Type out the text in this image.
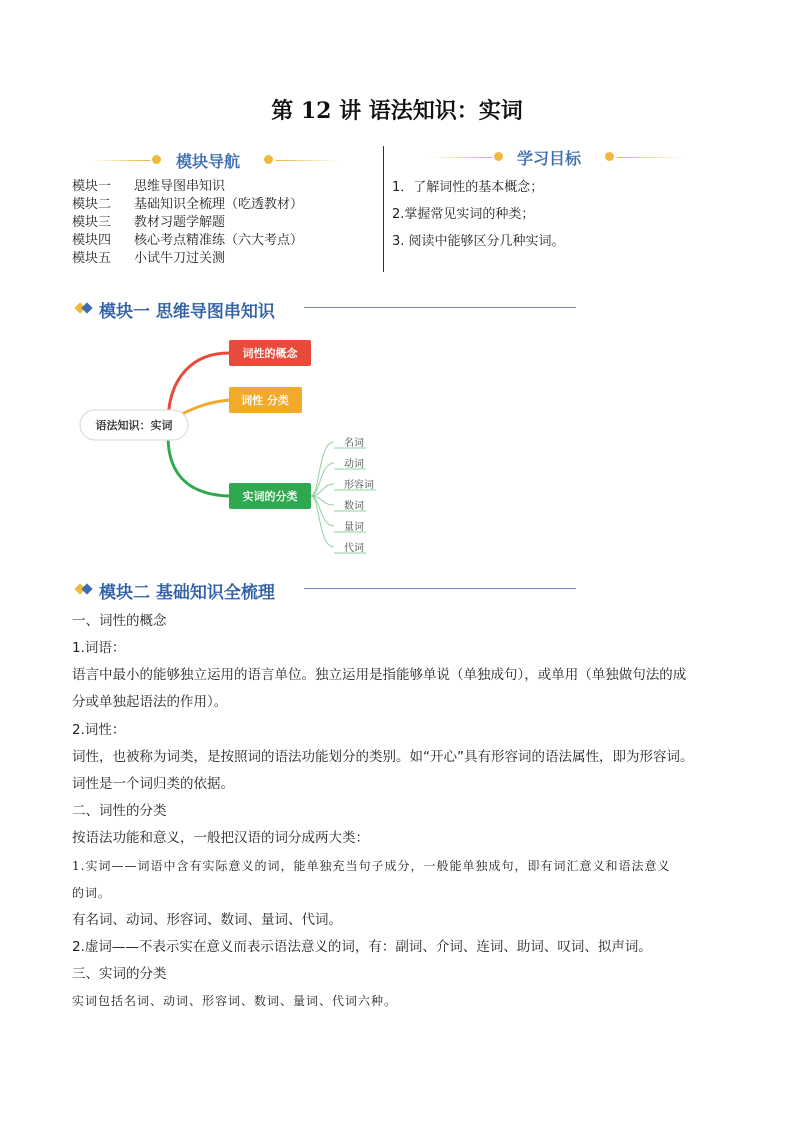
第 12 讲 语法知识：实词
模块导航
模块一 思维导图串知识
模块二 基础知识全梳理（吃透教材）
模块三 教材习题学解题
模块四 核心考点精准练（六大考点）
模块五 小试牛刀过关测
学习目标
1．了解词性的基本概念；
2.掌握常见实词的种类；
3. 阅读中能够区分几种实词。
模块一 思维导图串知识
语法知识：实词
词性的概念
词性 分类
实词的分类
名词
动词
形容词
数词
量词
代词
模块二 基础知识全梳理
一、词性的概念
1.词语：
语言中最小的能够独立运用的语言单位。独立运用是指能够单说（单独成句），或单用（单独做句法的成
分或单独起语法的作用）。
2.词性：
词性，也被称为词类，是按照词的语法功能划分的类别。如“开心”具有形容词的语法属性，即为形容词。
词性是一个词归类的依据。
二、词性的分类
按语法功能和意义，一般把汉语的词分成两大类：
1.实词——词语中含有实际意义的词，能单独充当句子成分，一般能单独成句，即有词汇意义和语法意义
的词。
有名词、动词、形容词、数词、量词、代词。
2.虚词——不表示实在意义而表示语法意义的词，有：副词、介词、连词、助词、叹词、拟声词。
三、实词的分类
实词包括名词、动词、形容词、数词、量词、代词六种。
